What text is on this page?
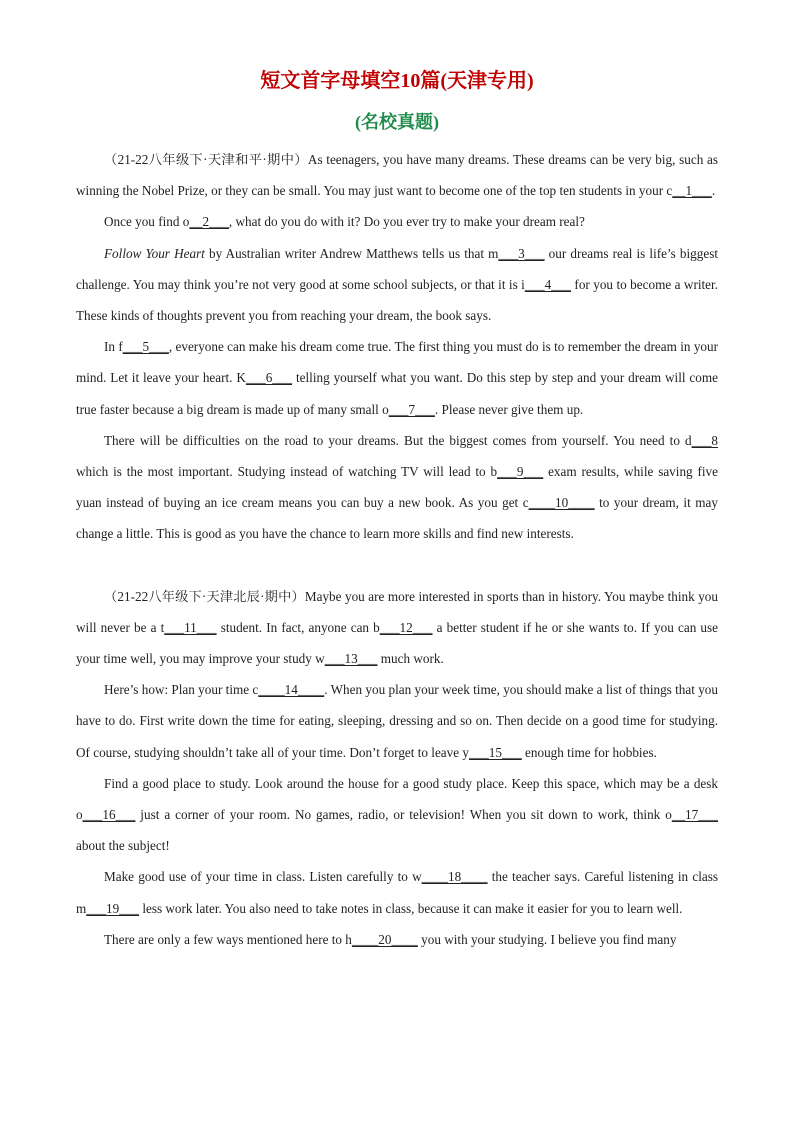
短文首字母填空10篇(天津专用)
(名校真题)

（21-22八年级下·天津和平·期中）As teenagers, you have many dreams. These dreams can be very big, such as winning the Nobel Prize, or they can be small. You may just want to become one of the top ten students in your c__1___.

Once you find o__2___, what do you do with it? Do you ever try to make your dream real?

Follow Your Heart by Australian writer Andrew Matthews tells us that m___3___ our dreams real is life’s biggest challenge. You may think you’re not very good at some school subjects, or that it is i___4___ for you to become a writer. These kinds of thoughts prevent you from reaching your dream, the book says.

In f___5___, everyone can make his dream come true. The first thing you must do is to remember the dream in your mind. Let it leave your heart. K___6___ telling yourself what you want. Do this step by step and your dream will come true faster because a big dream is made up of many small o___7___. Please never give them up.

There will be difficulties on the road to your dreams. But the biggest comes from yourself. You need to d___8 which is the most important. Studying instead of watching TV will lead to b___9___ exam results, while saving five yuan instead of buying an ice cream means you can buy a new book. As you get c____10____ to your dream, it may change a little. This is good as you have the chance to learn more skills and find new interests.

（21-22八年级下·天津北辰·期中）Maybe you are more interested in sports than in history. You maybe think you will never be a t___11___ student. In fact, anyone can b___12___ a better student if he or she wants to. If you can use your time well, you may improve your study w___13___ much work.

Here’s how: Plan your time c____14____. When you plan your week time, you should make a list of things that you have to do. First write down the time for eating, sleeping, dressing and so on. Then decide on a good time for studying. Of course, studying shouldn’t take all of your time. Don’t forget to leave y___15___ enough time for hobbies.

Find a good place to study. Look around the house for a good study place. Keep this space, which may be a desk o___16___ just a corner of your room. No games, radio, or television! When you sit down to work, think o__17___ about the subject!

Make good use of your time in class. Listen carefully to w____18____ the teacher says. Careful listening in class m___19___ less work later. You also need to take notes in class, because it can make it easier for you to learn well.

There are only a few ways mentioned here to h____20____ you with your studying. I believe you find many
